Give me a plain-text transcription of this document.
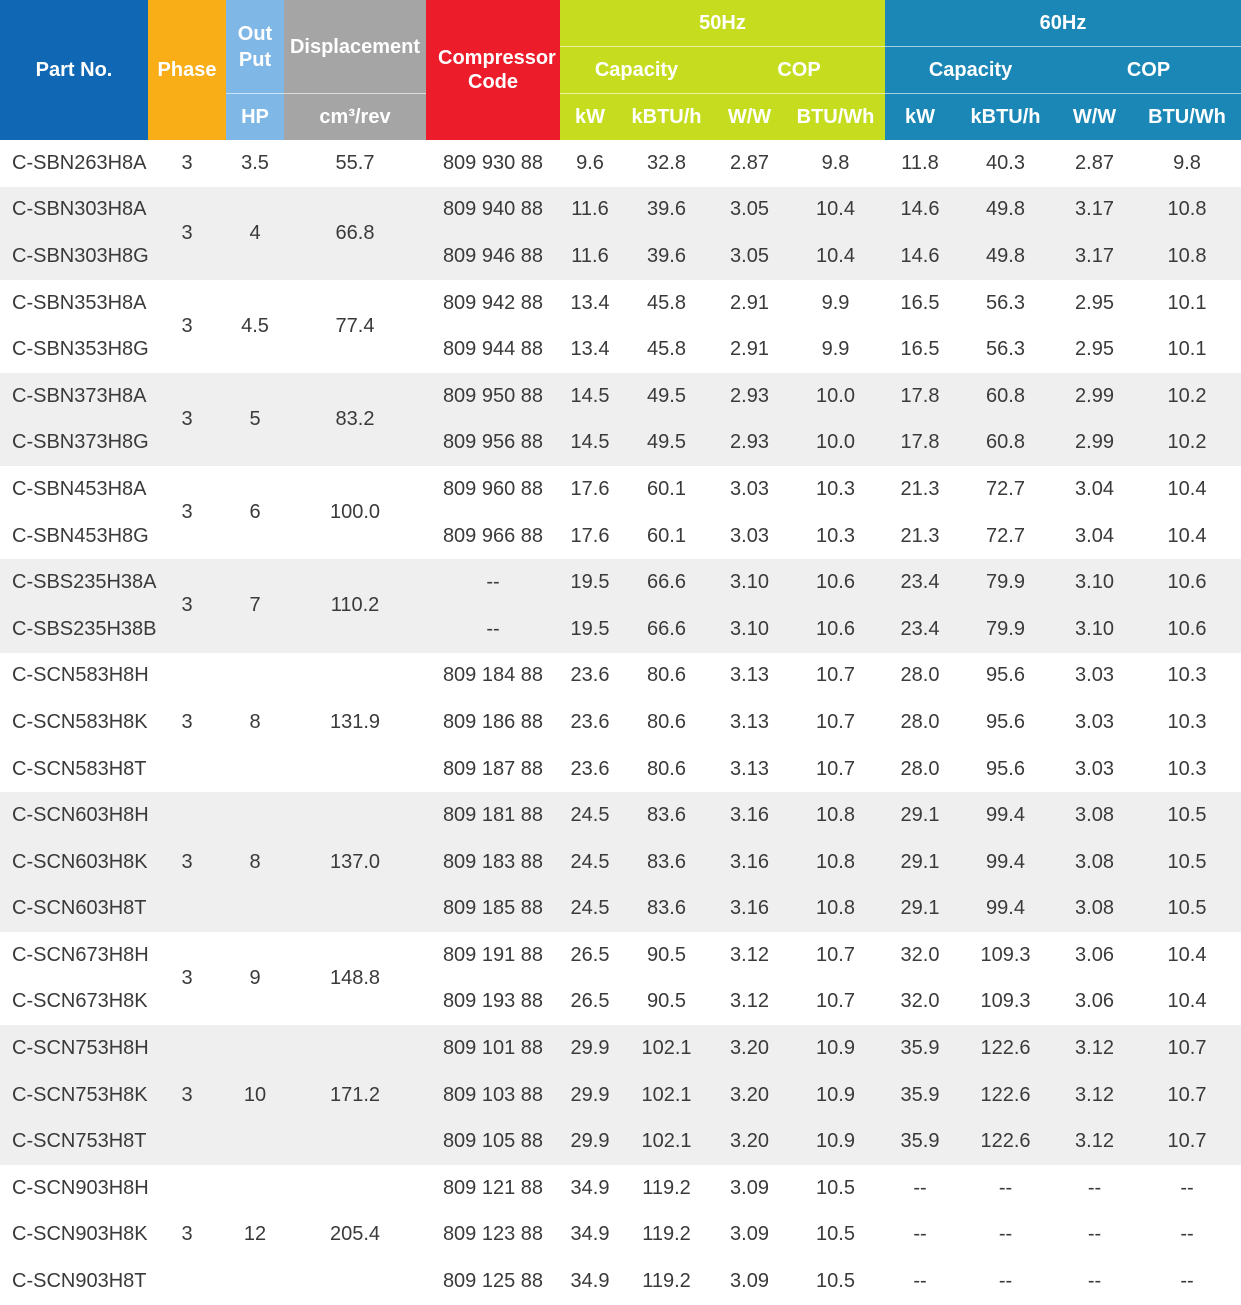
Part No.	Phase	Out Put	Displacement	Compressor Code	50Hz				60Hz			
					Capacity		COP		Capacity		COP	
		HP	cm³/rev		kW	kBTU/h	W/W	BTU/Wh	kW	kBTU/h	W/W	BTU/Wh
C-SBN263H8A	3	3.5	55.7	809 930 88	9.6	32.8	2.87	9.8	11.8	40.3	2.87	9.8
C-SBN303H8A	3	4	66.8	809 940 88	11.6	39.6	3.05	10.4	14.6	49.8	3.17	10.8
C-SBN303H8G				809 946 88	11.6	39.6	3.05	10.4	14.6	49.8	3.17	10.8
C-SBN353H8A	3	4.5	77.4	809 942 88	13.4	45.8	2.91	9.9	16.5	56.3	2.95	10.1
C-SBN353H8G				809 944 88	13.4	45.8	2.91	9.9	16.5	56.3	2.95	10.1
C-SBN373H8A	3	5	83.2	809 950 88	14.5	49.5	2.93	10.0	17.8	60.8	2.99	10.2
C-SBN373H8G				809 956 88	14.5	49.5	2.93	10.0	17.8	60.8	2.99	10.2
C-SBN453H8A	3	6	100.0	809 960 88	17.6	60.1	3.03	10.3	21.3	72.7	3.04	10.4
C-SBN453H8G				809 966 88	17.6	60.1	3.03	10.3	21.3	72.7	3.04	10.4
C-SBS235H38A	3	7	110.2	--	19.5	66.6	3.10	10.6	23.4	79.9	3.10	10.6
C-SBS235H38B				--	19.5	66.6	3.10	10.6	23.4	79.9	3.10	10.6
C-SCN583H8H	3	8	131.9	809 184 88	23.6	80.6	3.13	10.7	28.0	95.6	3.03	10.3
C-SCN583H8K				809 186 88	23.6	80.6	3.13	10.7	28.0	95.6	3.03	10.3
C-SCN583H8T				809 187 88	23.6	80.6	3.13	10.7	28.0	95.6	3.03	10.3
C-SCN603H8H	3	8	137.0	809 181 88	24.5	83.6	3.16	10.8	29.1	99.4	3.08	10.5
C-SCN603H8K				809 183 88	24.5	83.6	3.16	10.8	29.1	99.4	3.08	10.5
C-SCN603H8T				809 185 88	24.5	83.6	3.16	10.8	29.1	99.4	3.08	10.5
C-SCN673H8H	3	9	148.8	809 191 88	26.5	90.5	3.12	10.7	32.0	109.3	3.06	10.4
C-SCN673H8K				809 193 88	26.5	90.5	3.12	10.7	32.0	109.3	3.06	10.4
C-SCN753H8H	3	10	171.2	809 101 88	29.9	102.1	3.20	10.9	35.9	122.6	3.12	10.7
C-SCN753H8K				809 103 88	29.9	102.1	3.20	10.9	35.9	122.6	3.12	10.7
C-SCN753H8T				809 105 88	29.9	102.1	3.20	10.9	35.9	122.6	3.12	10.7
C-SCN903H8H	3	12	205.4	809 121 88	34.9	119.2	3.09	10.5	--	--	--	--
C-SCN903H8K				809 123 88	34.9	119.2	3.09	10.5	--	--	--	--
C-SCN903H8T				809 125 88	34.9	119.2	3.09	10.5	--	--	--	--
